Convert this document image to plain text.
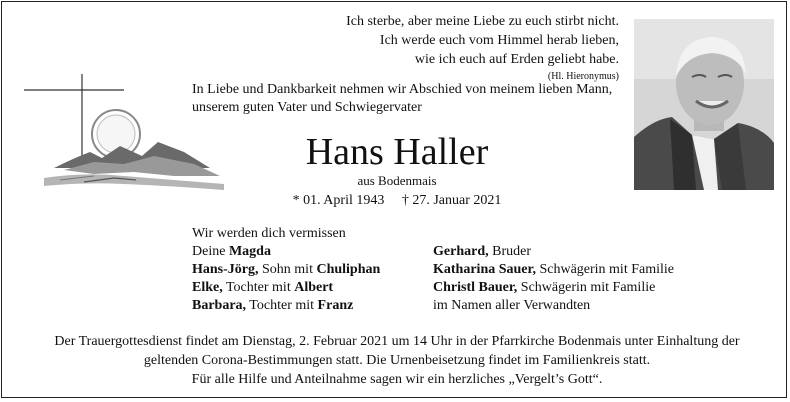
Ich sterbe, aber meine Liebe zu euch stirbt nicht.
Ich werde euch vom Himmel herab lieben,
wie ich euch auf Erden geliebt habe.
(Hl. Hieronymus)
In Liebe und Dankbarkeit nehmen wir Abschied von meinem lieben Mann,
unserem guten Vater und Schwiegervater
Hans Haller
aus Bodenmais
* 01. April 1943 † 27. Januar 2021
Wir werden dich vermissen
Deine Magda
Hans-Jörg, Sohn mit Chuliphan
Elke, Tochter mit Albert
Barbara, Tochter mit Franz
Gerhard, Bruder
Katharina Sauer, Schwägerin mit Familie
Christl Bauer, Schwägerin mit Familie
im Namen aller Verwandten
Der Trauergottesdienst findet am Dienstag, 2. Februar 2021 um 14 Uhr in der Pfarrkirche Bodenmais unter Einhaltung der
geltenden Corona-Bestimmungen statt. Die Urnenbeisetzung findet im Familienkreis statt.
Für alle Hilfe und Anteilnahme sagen wir ein herzliches „Vergelt’s Gott“.
